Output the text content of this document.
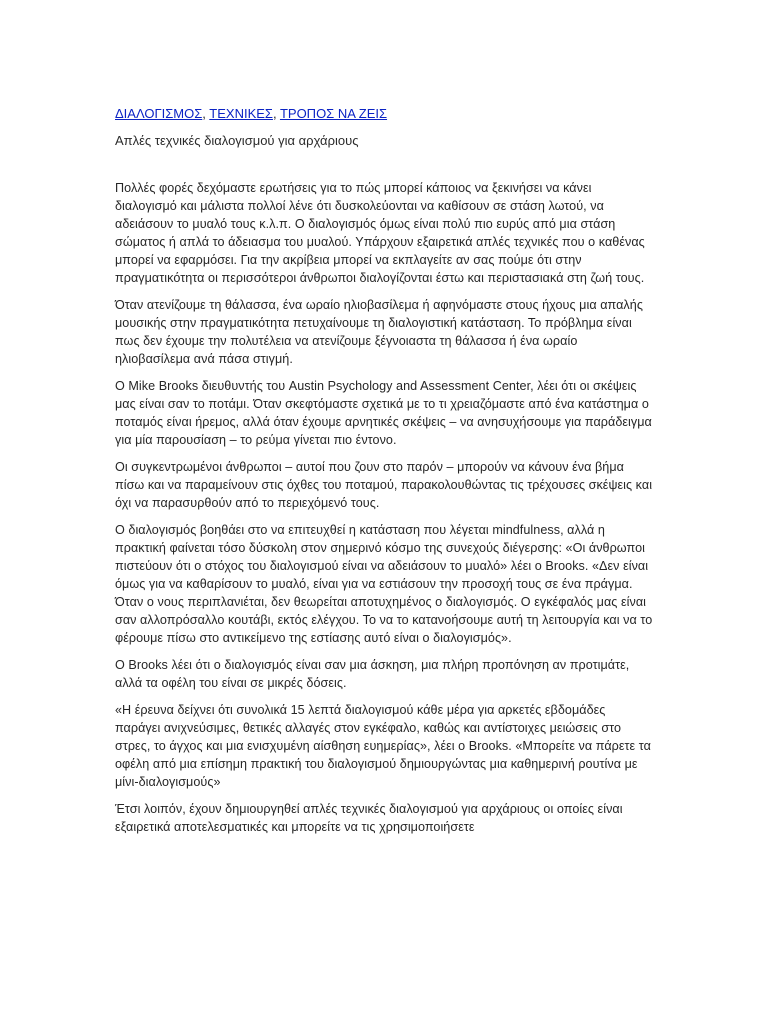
ΔΙΑΛΟΓΙΣΜΟΣ, ΤΕΧΝΙΚΕΣ, ΤΡΟΠΟΣ ΝΑ ΖΕΙΣ

Απλές τεχνικές διαλογισμού για αρχάριους

Πολλές φορές δεχόμαστε ερωτήσεις για το πώς μπορεί κάποιος να ξεκινήσει να κάνει διαλογισμό και μάλιστα πολλοί λένε ότι δυσκολεύονται να καθίσουν σε στάση λωτού, να αδειάσουν το μυαλό τους κ.λ.π. Ο διαλογισμός όμως είναι πολύ πιο ευρύς από μια στάση σώματος ή απλά το άδειασμα του μυαλού. Υπάρχουν εξαιρετικά απλές τεχνικές που ο καθένας μπορεί να εφαρμόσει. Για την ακρίβεια μπορεί να εκπλαγείτε αν σας πούμε ότι στην πραγματικότητα οι περισσότεροι άνθρωποι διαλογίζονται έστω και περιστασιακά στη ζωή τους.

Όταν ατενίζουμε τη θάλασσα, ένα ωραίο ηλιοβασίλεμα ή αφηνόμαστε στους ήχους μια απαλής μουσικής στην πραγματικότητα πετυχαίνουμε τη διαλογιστική κατάσταση. Το πρόβλημα είναι πως δεν έχουμε την πολυτέλεια να ατενίζουμε ξέγνοιαστα τη θάλασσα ή ένα ωραίο ηλιοβασίλεμα ανά πάσα στιγμή.

Ο Mike Brooks διευθυντής του Austin Psychology and Assessment Center, λέει ότι οι σκέψεις μας είναι σαν το ποτάμι. Όταν σκεφτόμαστε σχετικά με το τι χρειαζόμαστε από ένα κατάστημα ο ποταμός είναι ήρεμος, αλλά όταν έχουμε αρνητικές σκέψεις – να ανησυχήσουμε για παράδειγμα για μία παρουσίαση – το ρεύμα γίνεται πιο έντονο.

Οι συγκεντρωμένοι άνθρωποι – αυτοί που ζουν στο παρόν – μπορούν να κάνουν ένα βήμα πίσω και να παραμείνουν στις όχθες του ποταμού, παρακολουθώντας τις τρέχουσες σκέψεις και όχι να παρασυρθούν από το περιεχόμενό τους.

Ο διαλογισμός βοηθάει στο να επιτευχθεί η κατάσταση που λέγεται mindfulness, αλλά η πρακτική φαίνεται τόσο δύσκολη στον σημερινό κόσμο της συνεχούς διέγερσης: «Οι άνθρωποι πιστεύουν ότι ο στόχος του διαλογισμού είναι να αδειάσουν το μυαλό» λέει ο Brooks. «Δεν είναι όμως για να καθαρίσουν το μυαλό, είναι για να εστιάσουν την προσοχή τους σε ένα πράγμα. Όταν ο νους περιπλανιέται, δεν θεωρείται αποτυχημένος ο διαλογισμός. Ο εγκέφαλός μας είναι σαν αλλοπρόσαλλο κουτάβι, εκτός ελέγχου. Το να το κατανοήσουμε αυτή τη λειτουργία και να το φέρουμε πίσω στο αντικείμενο της εστίασης αυτό είναι ο διαλογισμός».

Ο Brooks λέει ότι ο διαλογισμός είναι σαν μια άσκηση, μια πλήρη προπόνηση αν προτιμάτε, αλλά τα οφέλη του είναι σε μικρές δόσεις.

«Η έρευνα δείχνει ότι συνολικά 15 λεπτά διαλογισμού κάθε μέρα για αρκετές εβδομάδες παράγει ανιχνεύσιμες, θετικές αλλαγές στον εγκέφαλο, καθώς και αντίστοιχες μειώσεις στο στρες, το άγχος και μια ενισχυμένη αίσθηση ευημερίας», λέει ο Brooks. «Μπορείτε να πάρετε τα οφέλη από μια επίσημη πρακτική του διαλογισμού δημιουργώντας μια καθημερινή ρουτίνα με μίνι-διαλογισμούς»

Έτσι λοιπόν, έχουν δημιουργηθεί απλές τεχνικές διαλογισμού για αρχάριους οι οποίες είναι εξαιρετικά αποτελεσματικές και μπορείτε να τις χρησιμοποιήσετε
